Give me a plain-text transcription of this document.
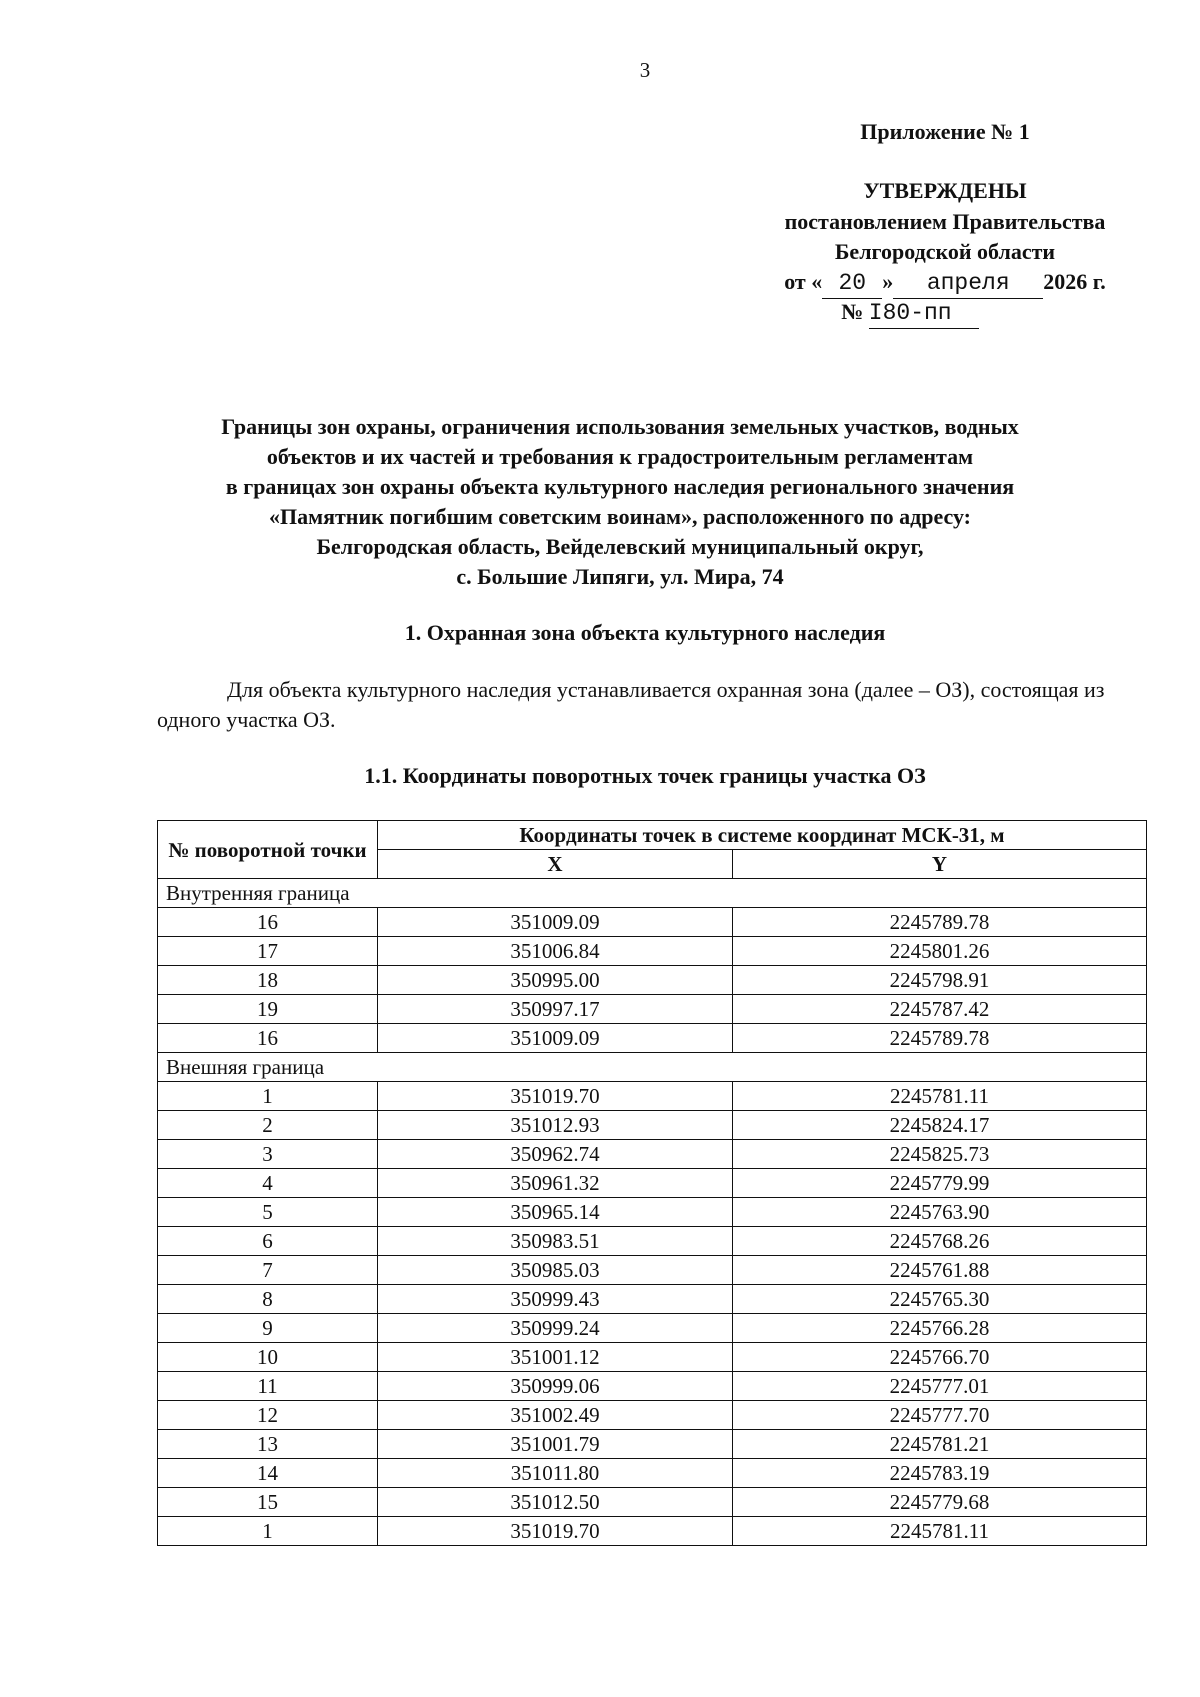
3
Приложение № 1
УТВЕРЖДЕНЫ
постановлением Правительства
Белгородской области
от « 20 » апреля 2026 г.
№ I80-пп
Границы зон охраны, ограничения использования земельных участков, водных
объектов и их частей и требования к градостроительным регламентам
в границах зон охраны объекта культурного наследия регионального значения
«Памятник погибшим советским воинам», расположенного по адресу:
Белгородская область, Вейделевский муниципальный округ,
с. Большие Липяги, ул. Мира, 74
1. Охранная зона объекта культурного наследия
Для объекта культурного наследия устанавливается охранная зона (далее – ОЗ), состоящая из одного участка ОЗ.
1.1. Координаты поворотных точек границы участка ОЗ
№ поворотной точки	Координаты точек в системе координат МСК-31, м	
	X	Y
Внутренняя граница		
16	351009.09	2245789.78
17	351006.84	2245801.26
18	350995.00	2245798.91
19	350997.17	2245787.42
16	351009.09	2245789.78
Внешняя граница		
1	351019.70	2245781.11
2	351012.93	2245824.17
3	350962.74	2245825.73
4	350961.32	2245779.99
5	350965.14	2245763.90
6	350983.51	2245768.26
7	350985.03	2245761.88
8	350999.43	2245765.30
9	350999.24	2245766.28
10	351001.12	2245766.70
11	350999.06	2245777.01
12	351002.49	2245777.70
13	351001.79	2245781.21
14	351011.80	2245783.19
15	351012.50	2245779.68
1	351019.70	2245781.11
